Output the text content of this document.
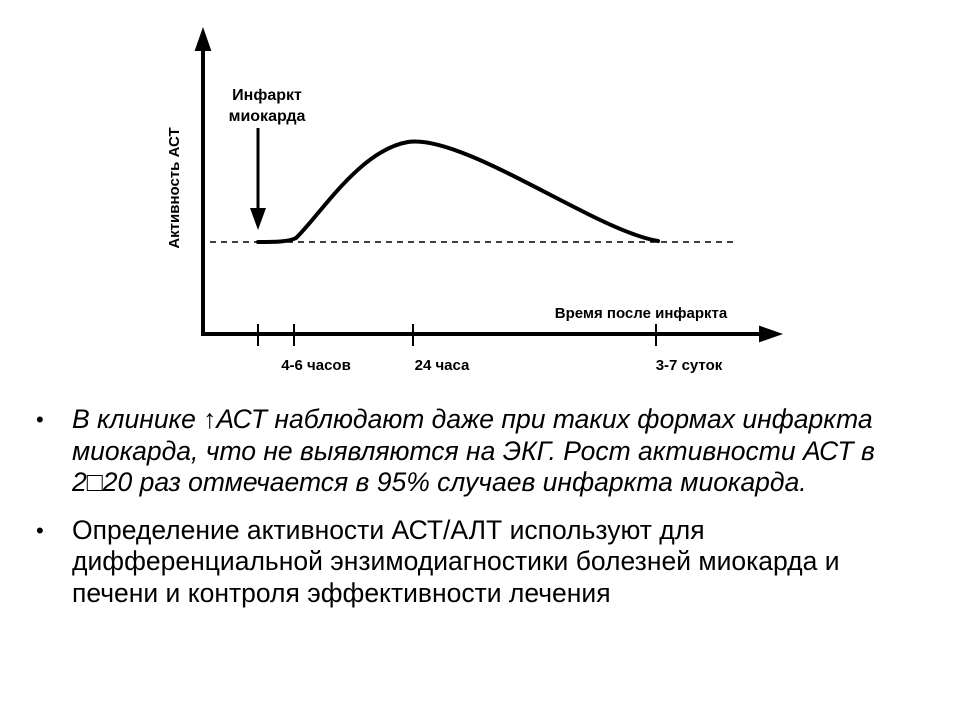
Инфаркт
миокарда
Активность АСТ
Время после инфаркта
4-6 часов	24 часа	3-7 суток
• В клинике ↑АСТ наблюдают даже при таких формах инфаркта миокарда, что не выявляются на ЭКГ. Рост активности АСТ в 2□20 раз отмечается в 95% случаев инфаркта миокарда.
• Определение активности АСТ/АЛТ используют для дифференциальной энзимодиагностики болезней миокарда и печени и контроля эффективности лечения
